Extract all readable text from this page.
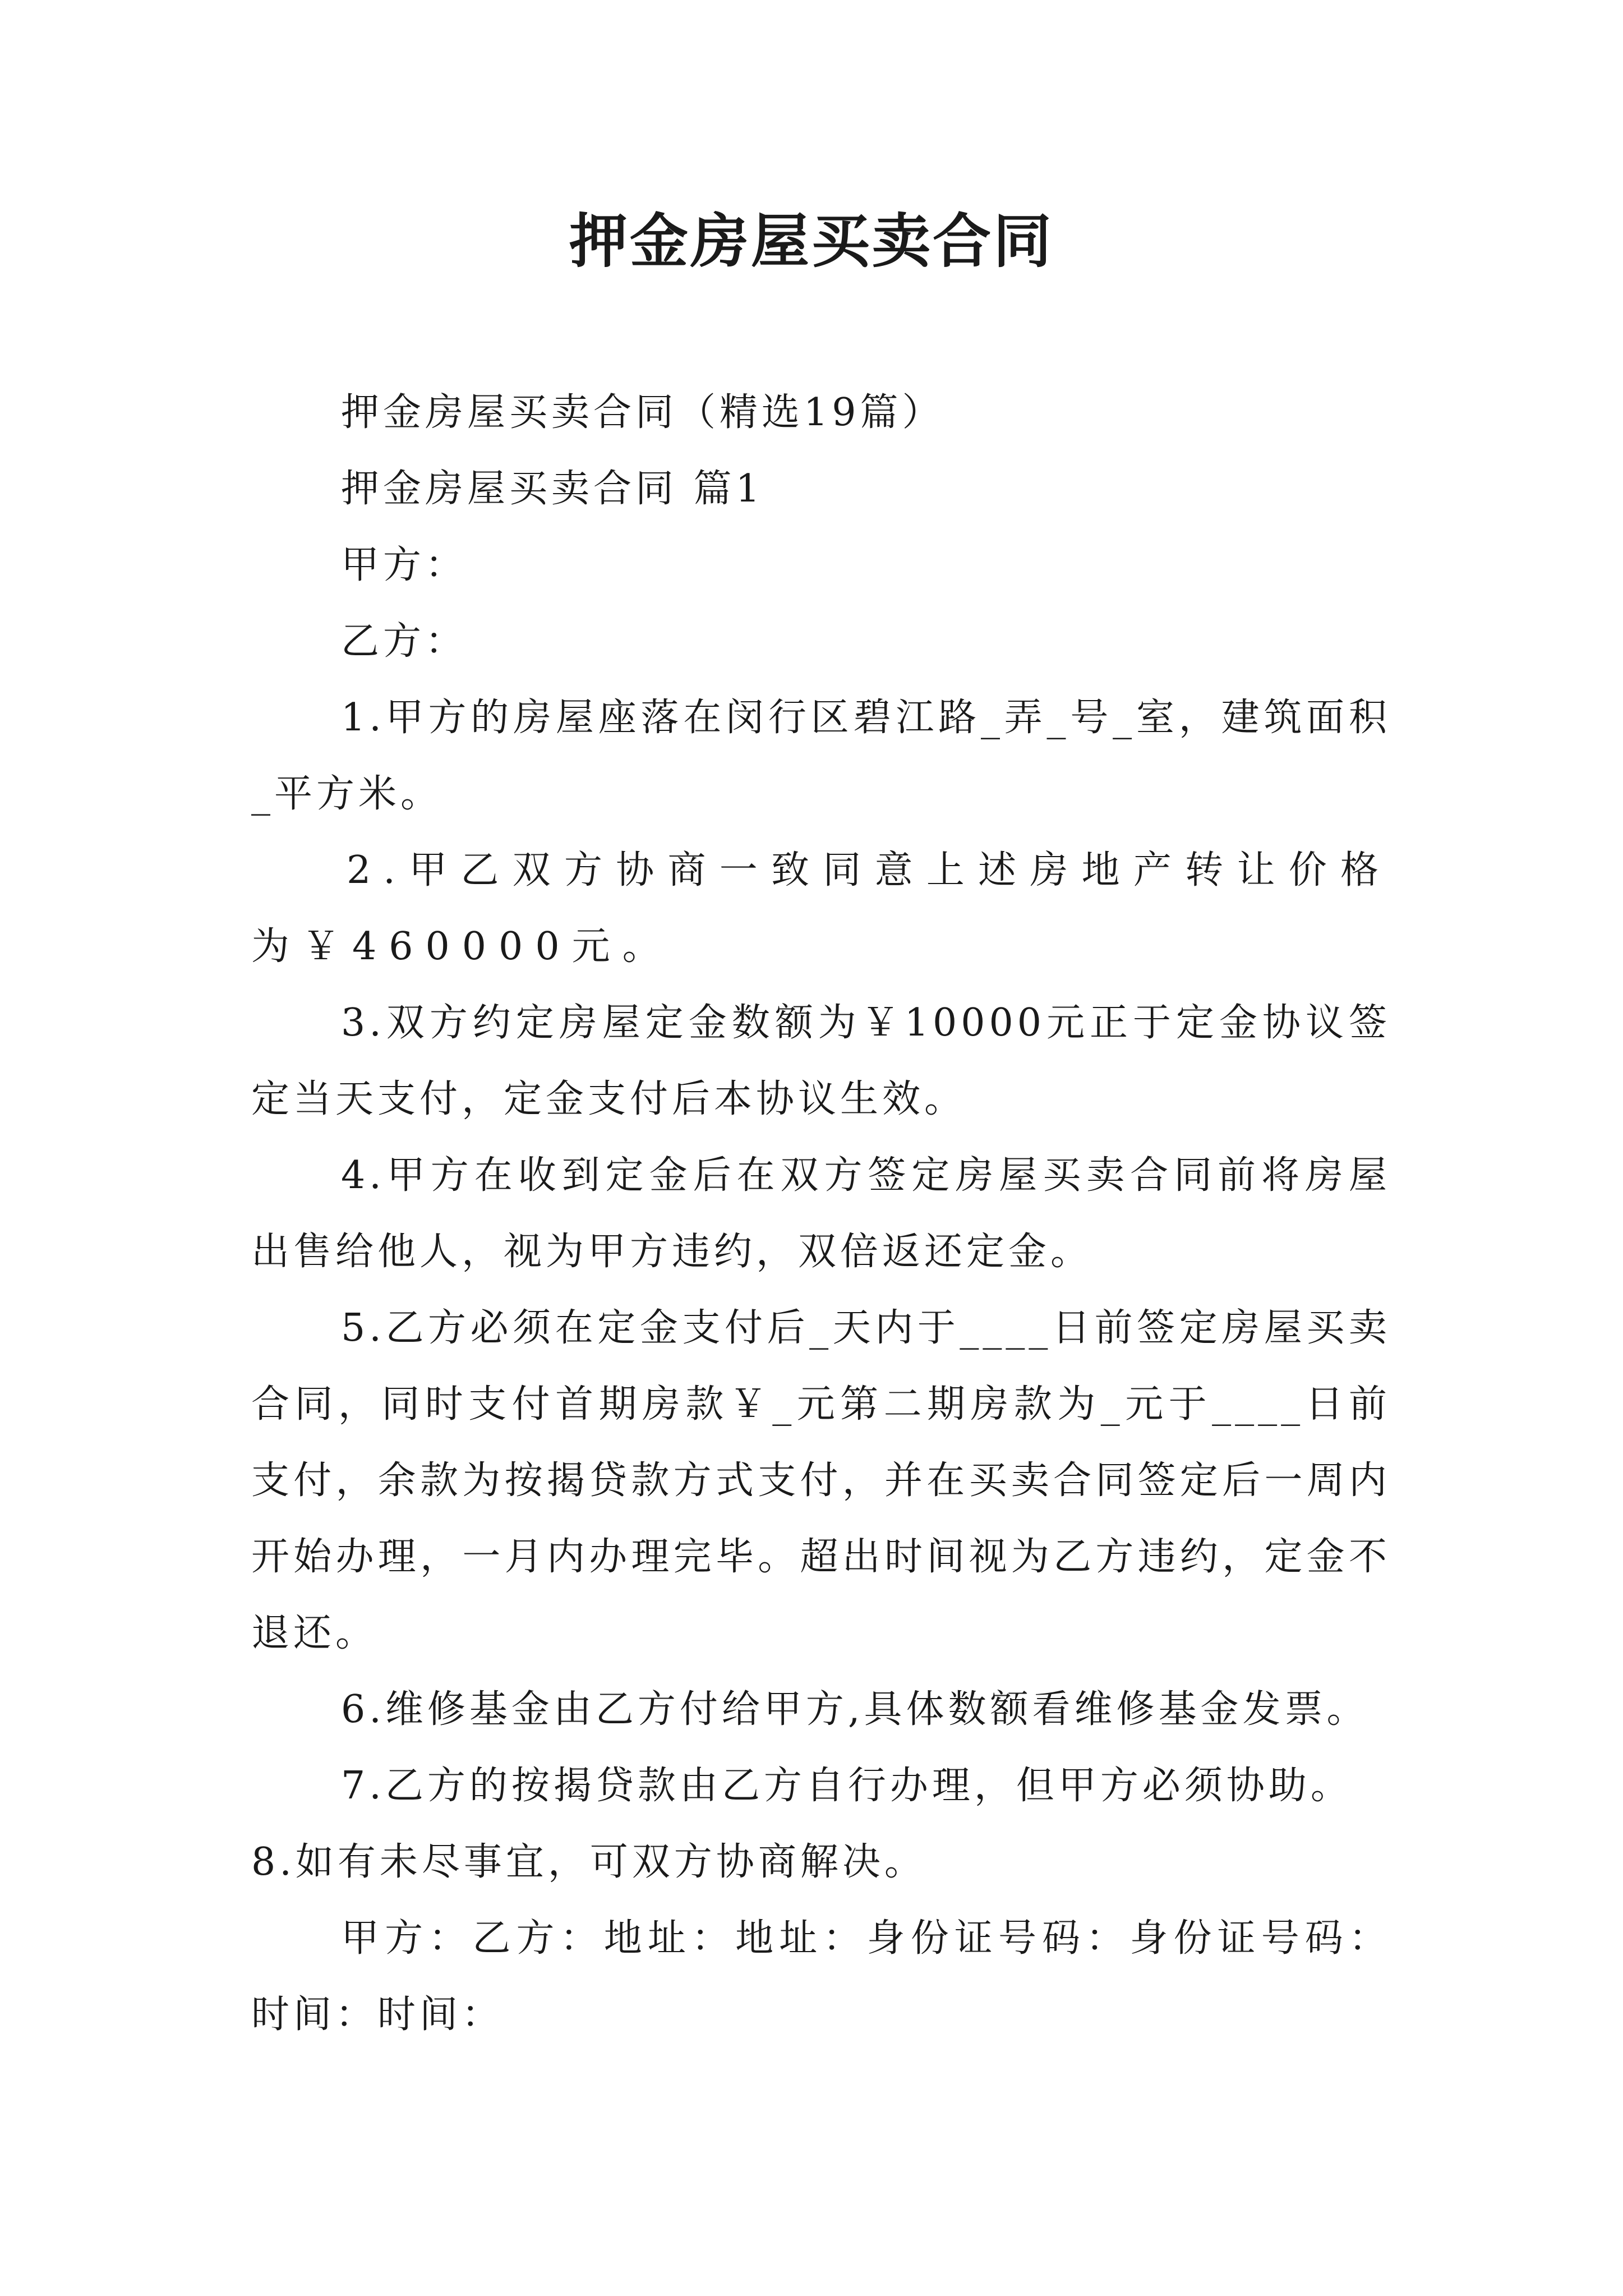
押金房屋买卖合同

押金房屋买卖合同（精选19篇）

押金房屋买卖合同 篇1

甲方：

乙方：

1.甲方的房屋座落在闵行区碧江路_弄_号_室，建筑面积_平方米。

2.甲乙双方协商一致同意上述房地产转让价格为￥460000元。

3.双方约定房屋定金数额为￥10000元正于定金协议签定当天支付，定金支付后本协议生效。

4.甲方在收到定金后在双方签定房屋买卖合同前将房屋出售给他人，视为甲方违约，双倍返还定金。

5.乙方必须在定金支付后_天内于____日前签定房屋买卖合同，同时支付首期房款￥_元第二期房款为_元于____日前支付，余款为按揭贷款方式支付，并在买卖合同签定后一周内开始办理，一月内办理完毕。超出时间视为乙方违约，定金不退还。

6.维修基金由乙方付给甲方,具体数额看维修基金发票。

7.乙方的按揭贷款由乙方自行办理，但甲方必须协助。

8.如有未尽事宜，可双方协商解决。

甲方：乙方：地址：地址：身份证号码：身份证号码：时间：时间：
